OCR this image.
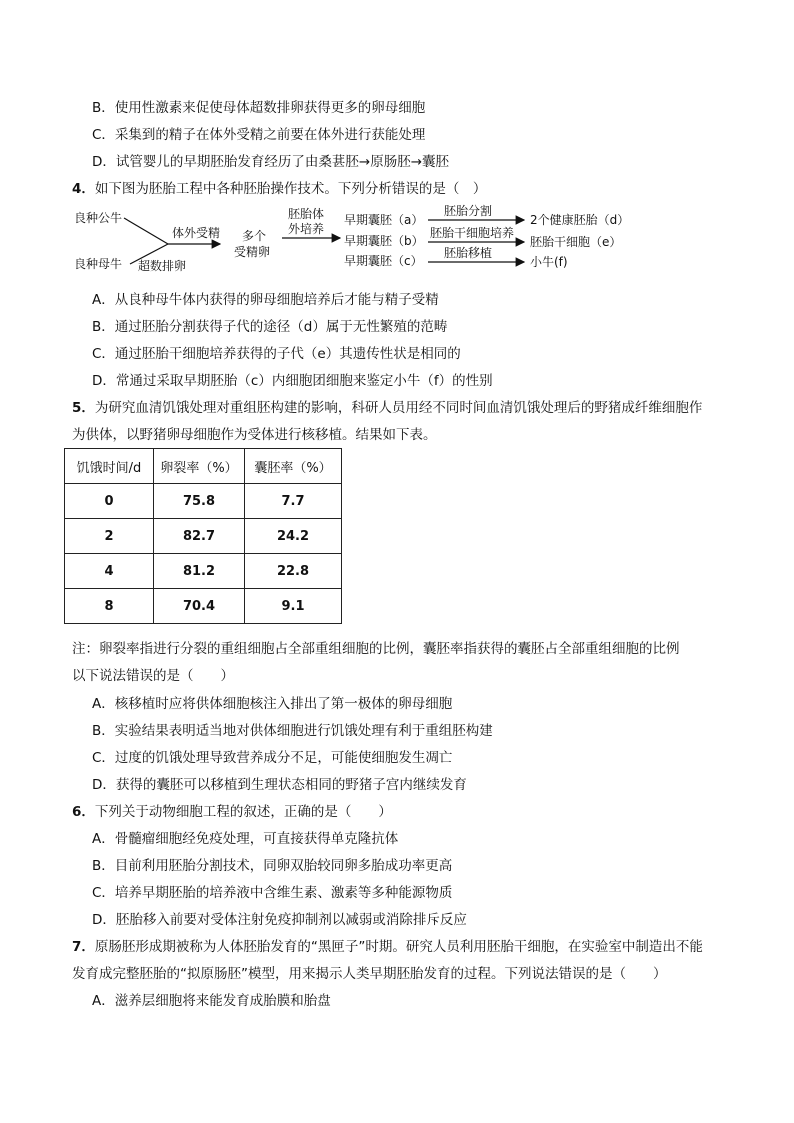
B．使用性激素来促使母体超数排卵获得更多的卵母细胞
C．采集到的精子在体外受精之前要在体外进行获能处理
D．试管婴儿的早期胚胎发育经历了由桑葚胚→原肠胚→囊胚
4．如下图为胚胎工程中各种胚胎操作技术。下列分析错误的是（　）
良种公牛
良种母牛
体外受精
超数排卵
多个
受精卵
胚胎体
外培养
早期囊胚（a）
早期囊胚（b）
早期囊胚（c）
胚胎分割
胚胎干细胞培养
胚胎移植
2个健康胚胎（d）
胚胎干细胞（e）
小牛(f)
A．从良种母牛体内获得的卵母细胞培养后才能与精子受精
B．通过胚胎分割获得子代的途径（d）属于无性繁殖的范畴
C．通过胚胎干细胞培养获得的子代（e）其遗传性状是相同的
D．常通过采取早期胚胎（c）内细胞团细胞来鉴定小牛（f）的性别
5．为研究血清饥饿处理对重组胚构建的影响，科研人员用经不同时间血清饥饿处理后的野猪成纤维细胞作
为供体，以野猪卵母细胞作为受体进行核移植。结果如下表。
饥饿时间/d	卵裂率（%）	囊胚率（%）
0	75.8	7.7
2	82.7	24.2
4	81.2	22.8
8	70.4	9.1
注：卵裂率指进行分裂的重组细胞占全部重组细胞的比例，囊胚率指获得的囊胚占全部重组细胞的比例
以下说法错误的是（　　）
A．核移植时应将供体细胞核注入排出了第一极体的卵母细胞
B．实验结果表明适当地对供体细胞进行饥饿处理有利于重组胚构建
C．过度的饥饿处理导致营养成分不足，可能使细胞发生凋亡
D．获得的囊胚可以移植到生理状态相同的野猪子宫内继续发育
6．下列关于动物细胞工程的叙述，正确的是（　　）
A．骨髓瘤细胞经免疫处理，可直接获得单克隆抗体
B．目前利用胚胎分割技术，同卵双胎较同卵多胎成功率更高
C．培养早期胚胎的培养液中含维生素、激素等多种能源物质
D．胚胎移入前要对受体注射免疫抑制剂以减弱或消除排斥反应
7．原肠胚形成期被称为人体胚胎发育的“黑匣子”时期。研究人员利用胚胎干细胞，在实验室中制造出不能
发育成完整胚胎的“拟原肠胚”模型，用来揭示人类早期胚胎发育的过程。下列说法错误的是（　　）
A．滋养层细胞将来能发育成胎膜和胎盘
